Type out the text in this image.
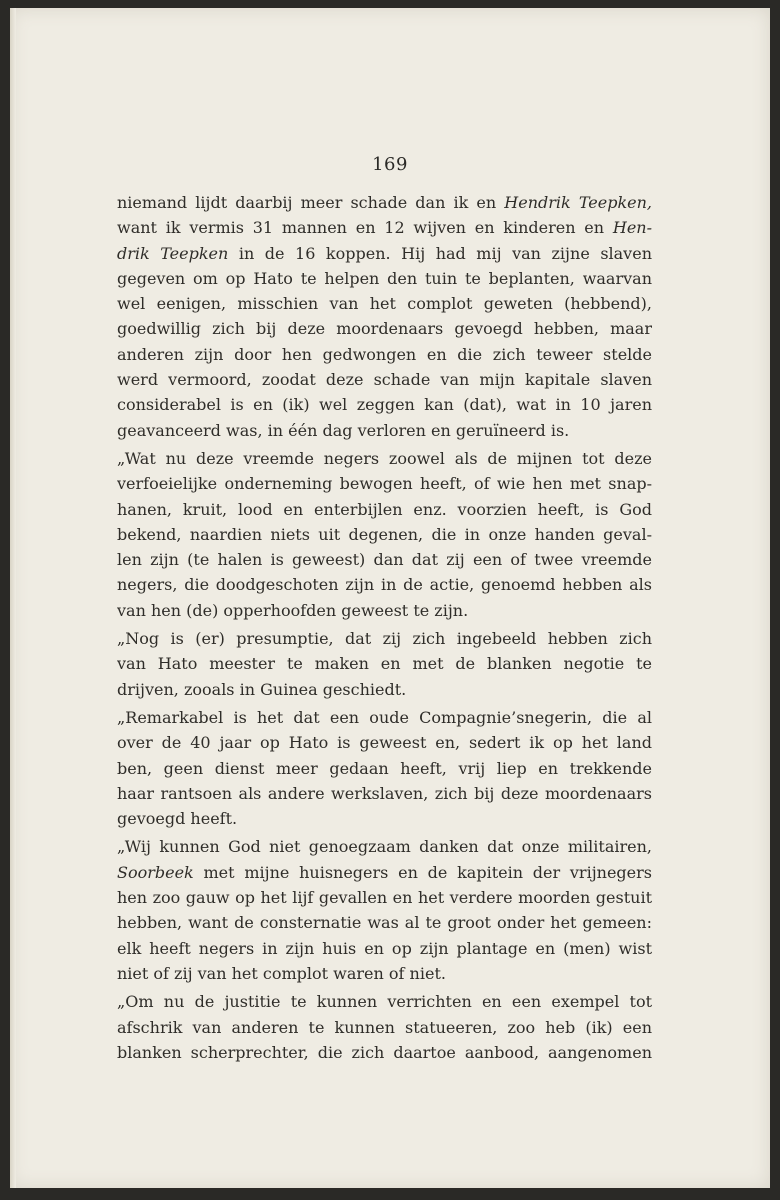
169
niemand lijdt daarbij meer schade dan ik en Hendrik Teepken,
want ik vermis 31 mannen en 12 wijven en kinderen en Hen-
drik Teepken in de 16 koppen. Hij had mij van zijne slaven
gegeven om op Hato te helpen den tuin te beplanten, waarvan
wel eenigen, misschien van het complot geweten (hebbend),
goedwillig zich bij deze moordenaars gevoegd hebben, maar
anderen zijn door hen gedwongen en die zich teweer stelde
werd vermoord, zoodat deze schade van mijn kapitale slaven
considerabel is en (ik) wel zeggen kan (dat), wat in 10 jaren
geavanceerd was, in één dag verloren en geruïneerd is.
„Wat nu deze vreemde negers zoowel als de mijnen tot deze
verfoeielijke onderneming bewogen heeft, of wie hen met snap-
hanen, kruit, lood en enterbijlen enz. voorzien heeft, is God
bekend, naardien niets uit degenen, die in onze handen geval-
len zijn (te halen is geweest) dan dat zij een of twee vreemde
negers, die doodgeschoten zijn in de actie, genoemd hebben als
van hen (de) opperhoofden geweest te zijn.
„Nog is (er) presumptie, dat zij zich ingebeeld hebben zich
van Hato meester te maken en met de blanken negotie te
drijven, zooals in Guinea geschiedt.
„Remarkabel is het dat een oude Compagnie’snegerin, die al
over de 40 jaar op Hato is geweest en, sedert ik op het land
ben, geen dienst meer gedaan heeft, vrij liep en trekkende
haar rantsoen als andere werkslaven, zich bij deze moordenaars
gevoegd heeft.
„Wij kunnen God niet genoegzaam danken dat onze militairen,
Soorbeek met mijne huisnegers en de kapitein der vrijnegers
hen zoo gauw op het lijf gevallen en het verdere moorden gestuit
hebben, want de consternatie was al te groot onder het gemeen:
elk heeft negers in zijn huis en op zijn plantage en (men) wist
niet of zij van het complot waren of niet.
„Om nu de justitie te kunnen verrichten en een exempel tot
afschrik van anderen te kunnen statueeren, zoo heb (ik) een
blanken scherprechter, die zich daartoe aanbood, aangenomen
